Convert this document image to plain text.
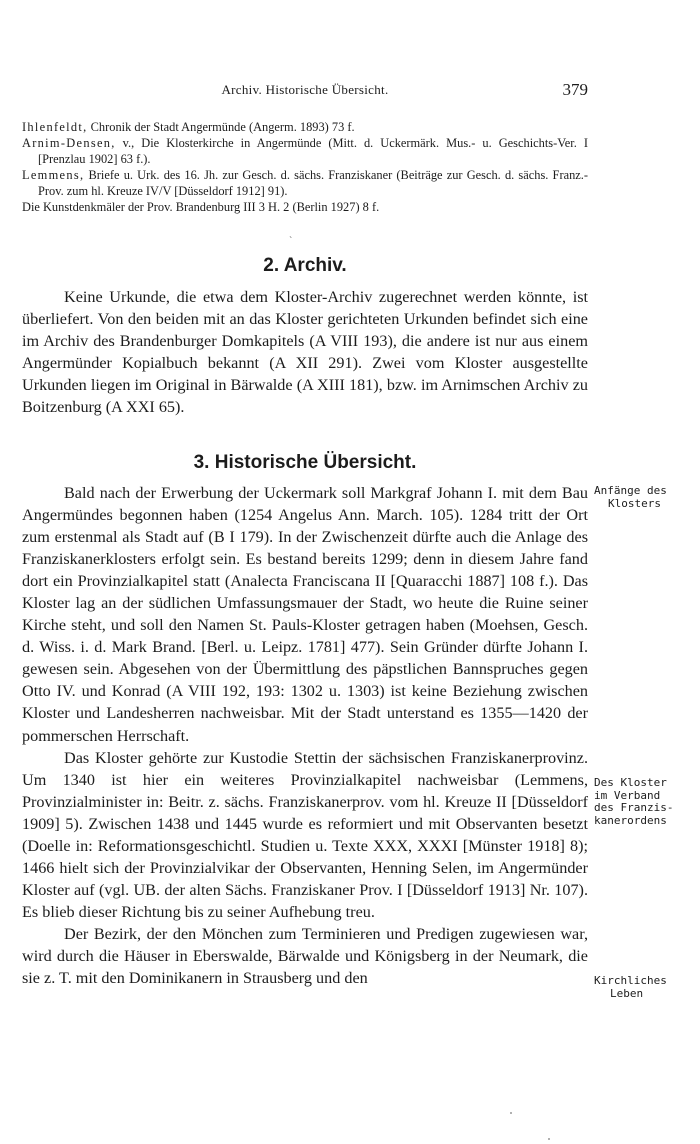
Archiv. Historische Übersicht.	379
Ihlenfeldt, Chronik der Stadt Angermünde (Angerm. 1893) 73 f.
Arnim-Densen, v., Die Klosterkirche in Angermünde (Mitt. d. Uckermärk. Mus.- u. Geschichts-Ver. I [Prenzlau 1902] 63 f.).
Lemmens, Briefe u. Urk. des 16. Jh. zur Gesch. d. sächs. Franziskaner (Beiträge zur Gesch. d. sächs. Franz.-Prov. zum hl. Kreuze IV/V [Düsseldorf 1912] 91).
Die Kunstdenkmäler der Prov. Brandenburg III 3 H. 2 (Berlin 1927) 8 f.
ˋ
2. Archiv.

Keine Urkunde, die etwa dem Kloster-Archiv zugerechnet werden könnte, ist überliefert. Von den beiden mit an das Kloster gerichteten Urkunden befindet sich eine im Archiv des Brandenburger Domkapitels (A VIII 193), die andere ist nur aus einem Angermünder Kopialbuch bekannt (A XII 291). Zwei vom Kloster ausgestellte Urkunden liegen im Original in Bärwalde (A XIII 181), bzw. im Arnimschen Archiv zu Boitzenburg (A XXI 65).

3. Historische Übersicht.

Bald nach der Erwerbung der Uckermark soll Markgraf Johann I. mit dem Bau Angermündes begonnen haben (1254 Angelus Ann. March. 105). 1284 tritt der Ort zum erstenmal als Stadt auf (B I 179). In der Zwischenzeit dürfte auch die Anlage des Franziskanerklosters erfolgt sein. Es bestand bereits 1299; denn in diesem Jahre fand dort ein Provinzialkapitel statt (Analecta Franciscana II [Quaracchi 1887] 108 f.). Das Kloster lag an der südlichen Umfassungsmauer der Stadt, wo heute die Ruine seiner Kirche steht, und soll den Namen St. Pauls-Kloster getragen haben (Moehsen, Gesch. d. Wiss. i. d. Mark Brand. [Berl. u. Leipz. 1781] 477). Sein Gründer dürfte Johann I. gewesen sein. Abgesehen von der Übermittlung des päpstlichen Bannspruches gegen Otto IV. und Konrad (A VIII 192, 193: 1302 u. 1303) ist keine Beziehung zwischen Kloster und Landesherren nachweisbar. Mit der Stadt unterstand es 1355—1420 der pommerschen Herrschaft.

Das Kloster gehörte zur Kustodie Stettin der sächsischen Franziskanerprovinz. Um 1340 ist hier ein weiteres Provinzialkapitel nachweisbar (Lemmens, Provinzialminister in: Beitr. z. sächs. Franziskanerprov. vom hl. Kreuze II [Düsseldorf 1909] 5). Zwischen 1438 und 1445 wurde es reformiert und mit Observanten besetzt (Doelle in: Reformationsgeschichtl. Studien u. Texte XXX, XXXI [Münster 1918] 8); 1466 hielt sich der Provinzialvikar der Observanten, Henning Selen, im Angermünder Kloster auf (vgl. UB. der alten Sächs. Franziskaner Prov. I [Düsseldorf 1913] Nr. 107). Es blieb dieser Richtung bis zu seiner Aufhebung treu.

Der Bezirk, der den Mönchen zum Terminieren und Predigen zugewiesen war, wird durch die Häuser in Eberswalde, Bärwalde und Königsberg in der Neumark, die sie z. T. mit den Dominikanern in Strausberg und den

Anfänge des
Klosters
Des Kloster
im Verband
des Franzis-
kanerordens
Kirchliches
Leben
